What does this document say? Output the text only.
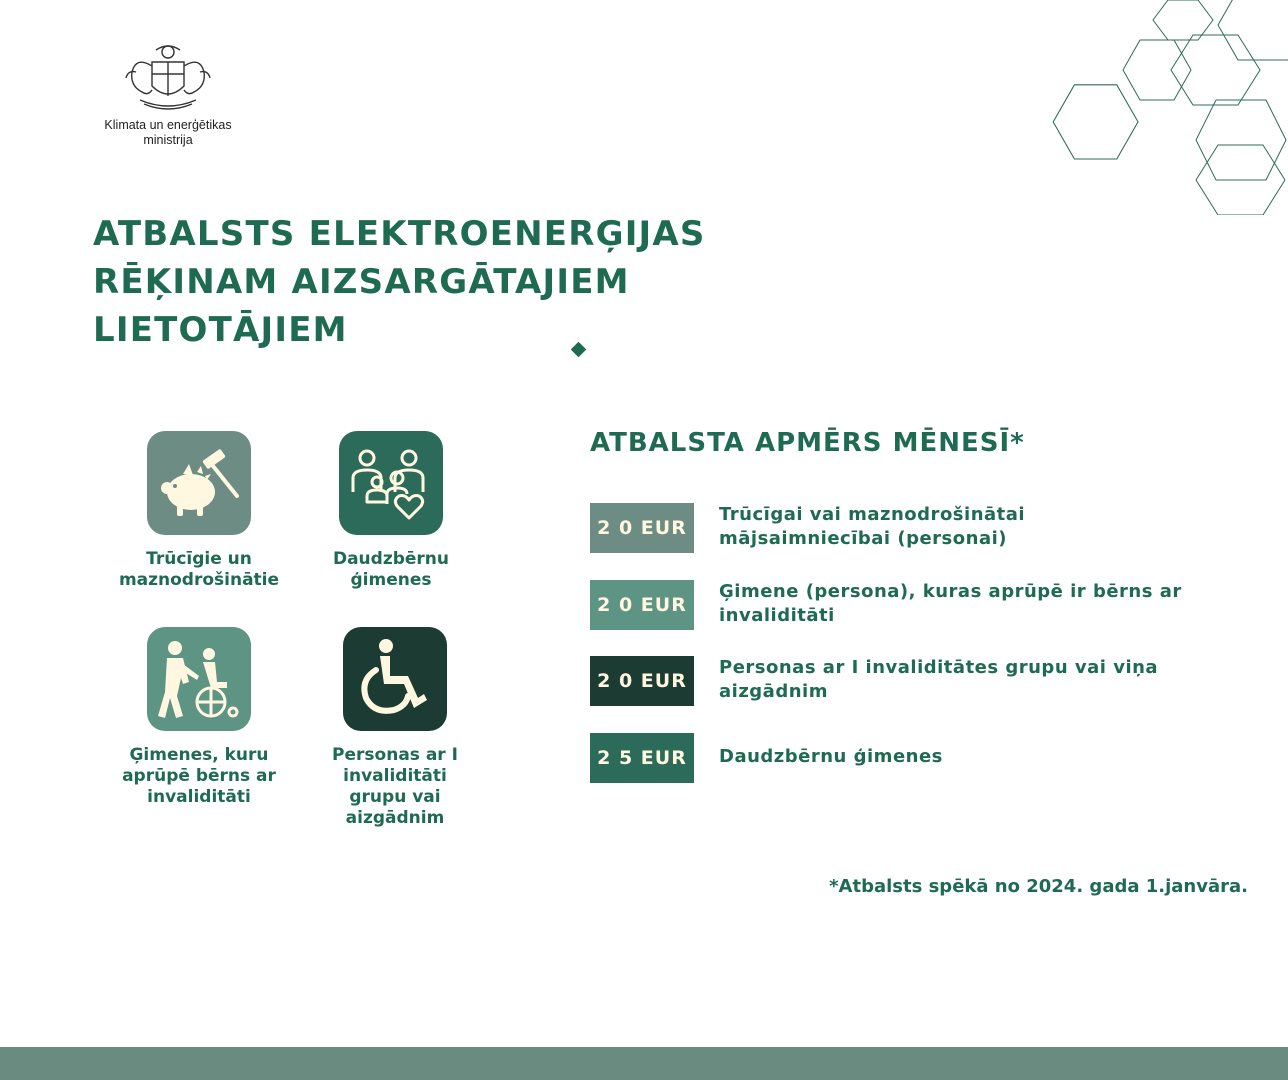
Klimata un enerģētikas
ministrija
ATBALSTS ELEKTROENERĢIJAS
RĒĶINAM AIZSARGĀTAJIEM
LIETOTĀJIEM
Trūcīgie un
maznodrošinātie
Daudzbērnu
ģimenes
Ģimenes, kuru
aprūpē bērns ar
invaliditāti
Personas ar I
invaliditāti
grupu vai
aizgādnim
ATBALSTA APMĒRS MĒNESĪ*
2 0 EUR
Trūcīgai vai maznodrošinātai
mājsaimniecībai (personai)
2 0 EUR
Ģimene (persona), kuras aprūpē ir bērns ar
invaliditāti
2 0 EUR
Personas ar I invaliditātes grupu vai viņa
aizgādnim
2 5 EUR	Daudzbērnu ģimenes
*Atbalsts spēkā no 2024. gada 1.janvāra.
